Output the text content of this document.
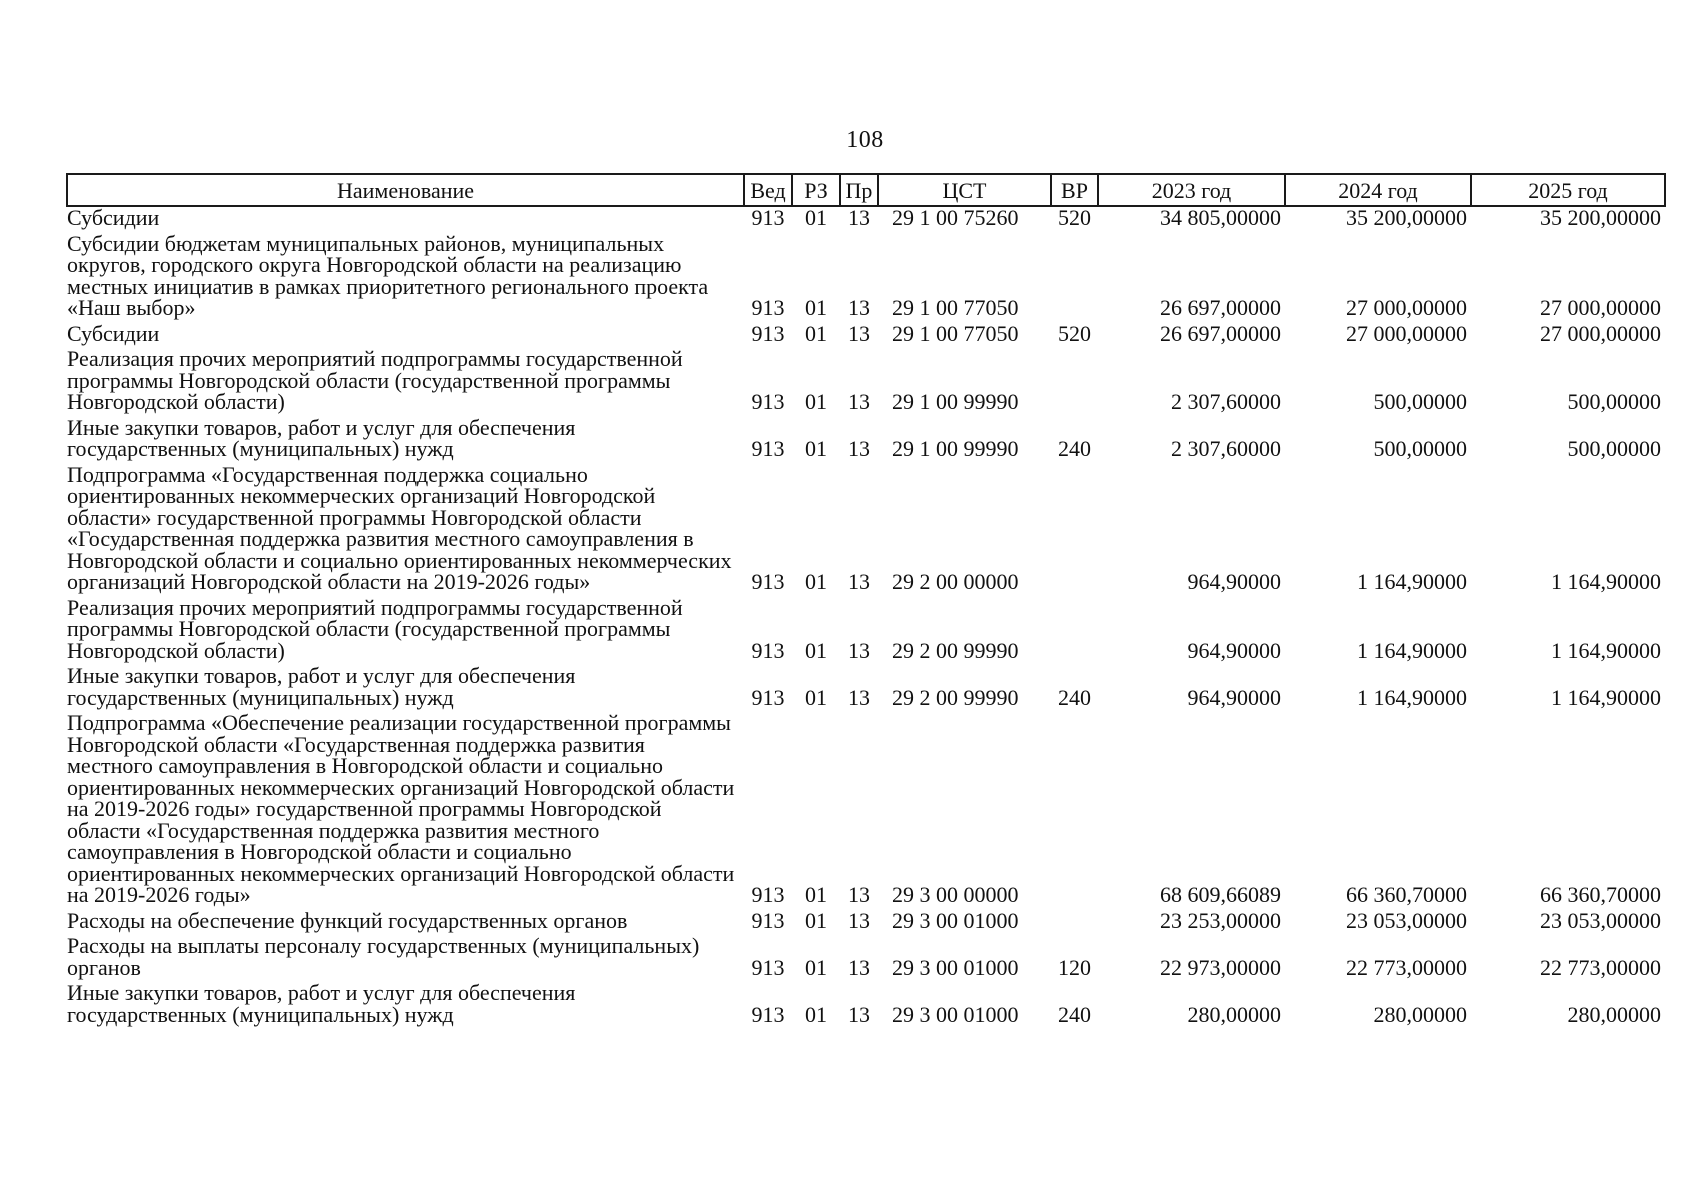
108
Наименование	Вед	РЗ	Пр	ЦСТ	ВР	2023 год	2024 год	2025 год
Субсидии	913	01	13	29 1 00 75260	520	34 805,00000	35 200,00000	35 200,00000
Субсидии бюджетам муниципальных районов, муниципальных округов, городского округа Новгородской области на реализацию местных инициатив в рамках приоритетного регионального проекта «Наш выбор»	913	01	13	29 1 00 77050		26 697,00000	27 000,00000	27 000,00000
Субсидии	913	01	13	29 1 00 77050	520	26 697,00000	27 000,00000	27 000,00000
Реализация прочих мероприятий подпрограммы государственной программы Новгородской области (государственной программы Новгородской области)	913	01	13	29 1 00 99990		2 307,60000	500,00000	500,00000
Иные закупки товаров, работ и услуг для обеспечения государственных (муниципальных) нужд	913	01	13	29 1 00 99990	240	2 307,60000	500,00000	500,00000
Подпрограмма «Государственная поддержка социально ориентированных некоммерческих организаций Новгородской области» государственной программы Новгородской области «Государственная поддержка развития местного самоуправления в Новгородской области и социально ориентированных некоммерческих организаций Новгородской области на 2019-2026 годы»	913	01	13	29 2 00 00000		964,90000	1 164,90000	1 164,90000
Реализация прочих мероприятий подпрограммы государственной программы Новгородской области (государственной программы Новгородской области)	913	01	13	29 2 00 99990		964,90000	1 164,90000	1 164,90000
Иные закупки товаров, работ и услуг для обеспечения государственных (муниципальных) нужд	913	01	13	29 2 00 99990	240	964,90000	1 164,90000	1 164,90000
Подпрограмма «Обеспечение реализации государственной программы Новгородской области «Государственная поддержка развития местного самоуправления в Новгородской области и социально ориентированных некоммерческих организаций Новгородской области на 2019-2026 годы» государственной программы Новгородской области «Государственная поддержка развития местного самоуправления в Новгородской области и социально ориентированных некоммерческих организаций Новгородской области на 2019-2026 годы»	913	01	13	29 3 00 00000		68 609,66089	66 360,70000	66 360,70000
Расходы на обеспечение функций государственных органов	913	01	13	29 3 00 01000		23 253,00000	23 053,00000	23 053,00000
Расходы на выплаты персоналу государственных (муниципальных) органов	913	01	13	29 3 00 01000	120	22 973,00000	22 773,00000	22 773,00000
Иные закупки товаров, работ и услуг для обеспечения государственных (муниципальных) нужд	913	01	13	29 3 00 01000	240	280,00000	280,00000	280,00000
